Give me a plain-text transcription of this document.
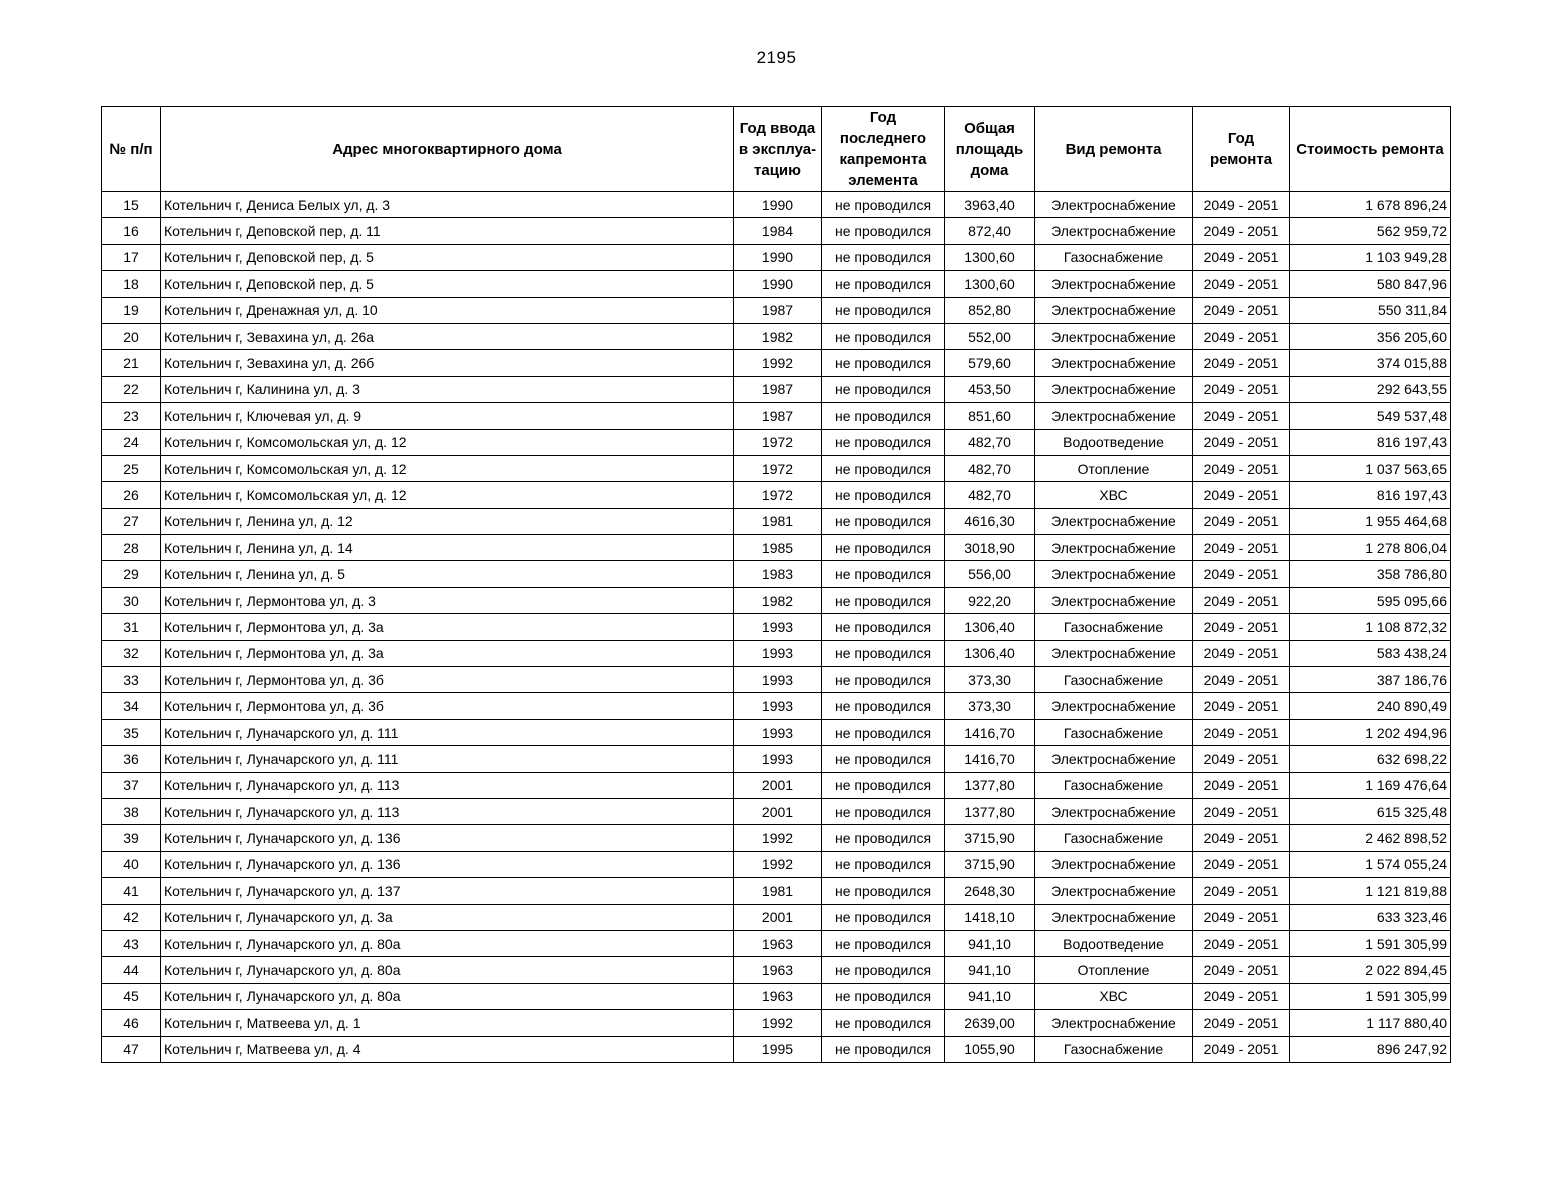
2195
№ п/п	Адрес многоквартирного дома	Год ввода в эксплуа-тацию	Год последнего капремонта элемента	Общая площадь дома	Вид ремонта	Год ремонта	Стоимость ремонта
15	Котельнич г, Дениса Белых ул, д. 3	1990	не проводился	3963,40	Электроснабжение	2049 - 2051	1 678 896,24
16	Котельнич г, Деповской пер, д. 11	1984	не проводился	872,40	Электроснабжение	2049 - 2051	562 959,72
17	Котельнич г, Деповской пер, д. 5	1990	не проводился	1300,60	Газоснабжение	2049 - 2051	1 103 949,28
18	Котельнич г, Деповской пер, д. 5	1990	не проводился	1300,60	Электроснабжение	2049 - 2051	580 847,96
19	Котельнич г, Дренажная ул, д. 10	1987	не проводился	852,80	Электроснабжение	2049 - 2051	550 311,84
20	Котельнич г, Зевахина ул, д. 26а	1982	не проводился	552,00	Электроснабжение	2049 - 2051	356 205,60
21	Котельнич г, Зевахина ул, д. 26б	1992	не проводился	579,60	Электроснабжение	2049 - 2051	374 015,88
22	Котельнич г, Калинина ул, д. 3	1987	не проводился	453,50	Электроснабжение	2049 - 2051	292 643,55
23	Котельнич г, Ключевая ул, д. 9	1987	не проводился	851,60	Электроснабжение	2049 - 2051	549 537,48
24	Котельнич г, Комсомольская ул, д. 12	1972	не проводился	482,70	Водоотведение	2049 - 2051	816 197,43
25	Котельнич г, Комсомольская ул, д. 12	1972	не проводился	482,70	Отопление	2049 - 2051	1 037 563,65
26	Котельнич г, Комсомольская ул, д. 12	1972	не проводился	482,70	ХВС	2049 - 2051	816 197,43
27	Котельнич г, Ленина ул, д. 12	1981	не проводился	4616,30	Электроснабжение	2049 - 2051	1 955 464,68
28	Котельнич г, Ленина ул, д. 14	1985	не проводился	3018,90	Электроснабжение	2049 - 2051	1 278 806,04
29	Котельнич г, Ленина ул, д. 5	1983	не проводился	556,00	Электроснабжение	2049 - 2051	358 786,80
30	Котельнич г, Лермонтова ул, д. 3	1982	не проводился	922,20	Электроснабжение	2049 - 2051	595 095,66
31	Котельнич г, Лермонтова ул, д. 3а	1993	не проводился	1306,40	Газоснабжение	2049 - 2051	1 108 872,32
32	Котельнич г, Лермонтова ул, д. 3а	1993	не проводился	1306,40	Электроснабжение	2049 - 2051	583 438,24
33	Котельнич г, Лермонтова ул, д. 3б	1993	не проводился	373,30	Газоснабжение	2049 - 2051	387 186,76
34	Котельнич г, Лермонтова ул, д. 3б	1993	не проводился	373,30	Электроснабжение	2049 - 2051	240 890,49
35	Котельнич г, Луначарского ул, д. 111	1993	не проводился	1416,70	Газоснабжение	2049 - 2051	1 202 494,96
36	Котельнич г, Луначарского ул, д. 111	1993	не проводился	1416,70	Электроснабжение	2049 - 2051	632 698,22
37	Котельнич г, Луначарского ул, д. 113	2001	не проводился	1377,80	Газоснабжение	2049 - 2051	1 169 476,64
38	Котельнич г, Луначарского ул, д. 113	2001	не проводился	1377,80	Электроснабжение	2049 - 2051	615 325,48
39	Котельнич г, Луначарского ул, д. 136	1992	не проводился	3715,90	Газоснабжение	2049 - 2051	2 462 898,52
40	Котельнич г, Луначарского ул, д. 136	1992	не проводился	3715,90	Электроснабжение	2049 - 2051	1 574 055,24
41	Котельнич г, Луначарского ул, д. 137	1981	не проводился	2648,30	Электроснабжение	2049 - 2051	1 121 819,88
42	Котельнич г, Луначарского ул, д. 3а	2001	не проводился	1418,10	Электроснабжение	2049 - 2051	633 323,46
43	Котельнич г, Луначарского ул, д. 80а	1963	не проводился	941,10	Водоотведение	2049 - 2051	1 591 305,99
44	Котельнич г, Луначарского ул, д. 80а	1963	не проводился	941,10	Отопление	2049 - 2051	2 022 894,45
45	Котельнич г, Луначарского ул, д. 80а	1963	не проводился	941,10	ХВС	2049 - 2051	1 591 305,99
46	Котельнич г, Матвеева ул, д. 1	1992	не проводился	2639,00	Электроснабжение	2049 - 2051	1 117 880,40
47	Котельнич г, Матвеева ул, д. 4	1995	не проводился	1055,90	Газоснабжение	2049 - 2051	896 247,92
